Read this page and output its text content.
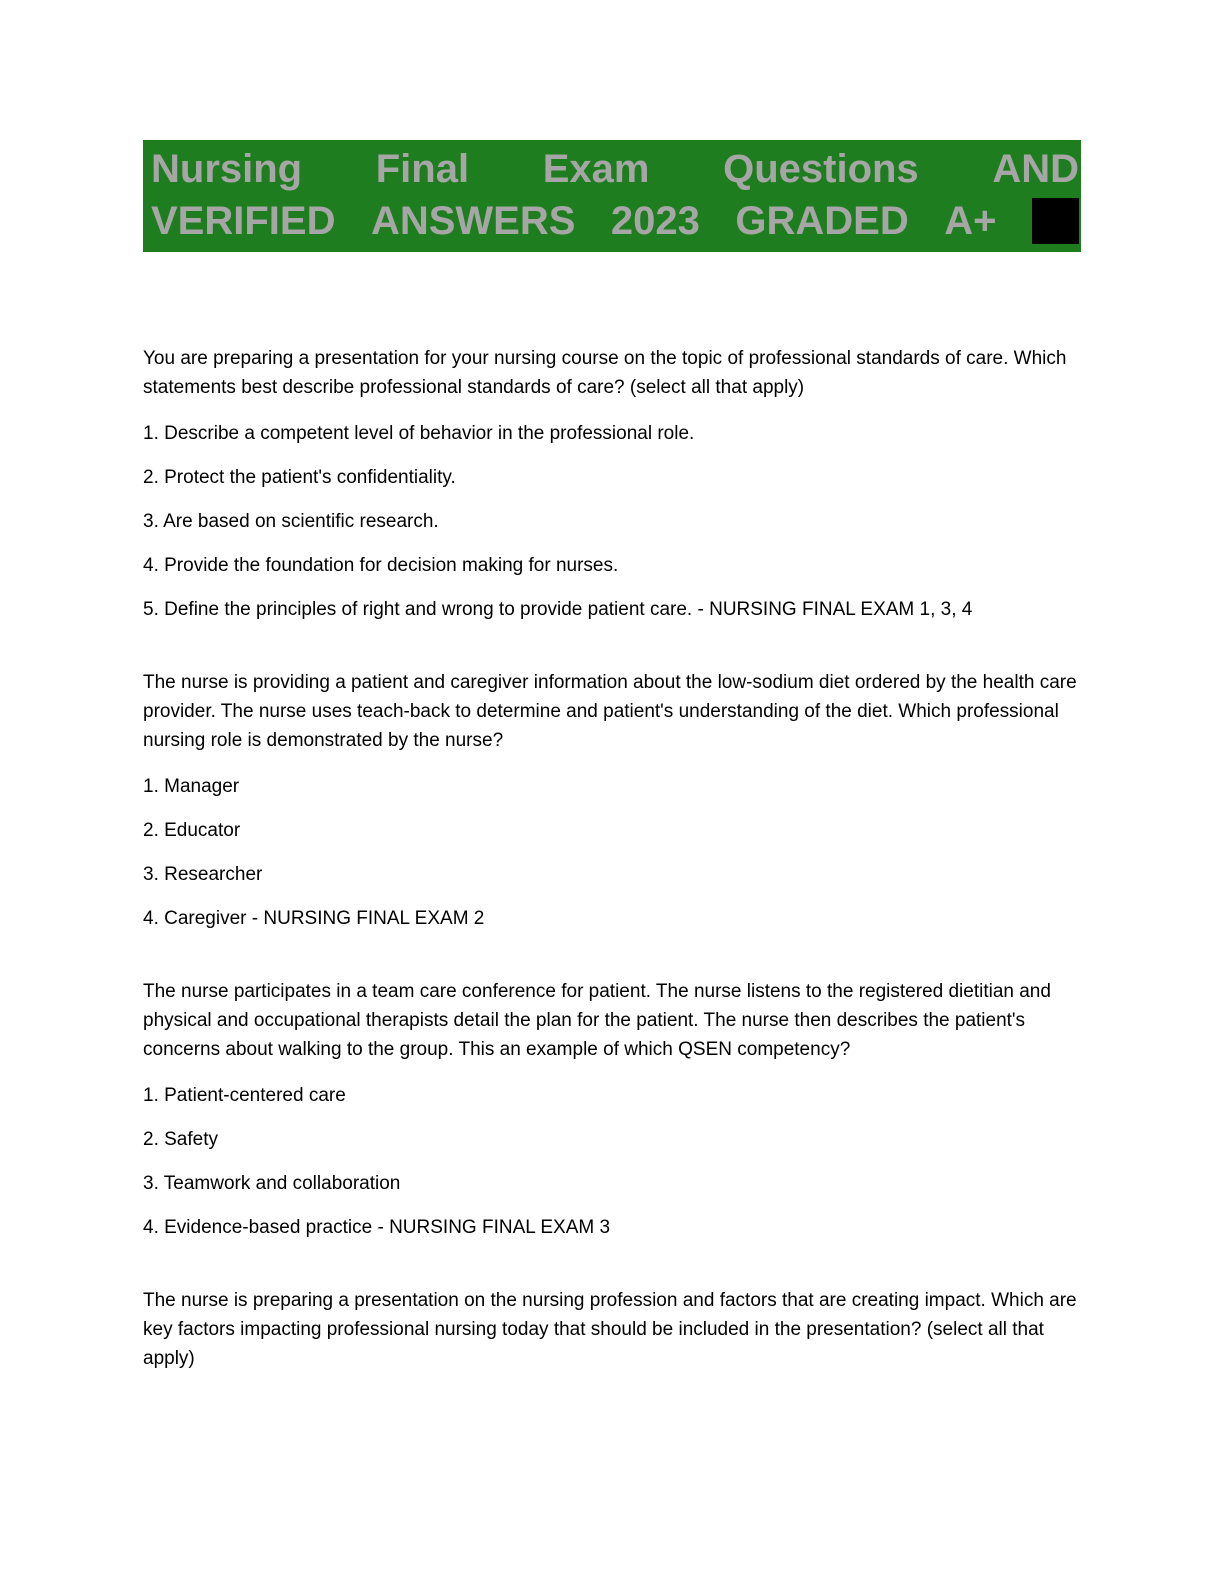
Nursing Final Exam Questions AND
VERIFIED ANSWERS 2023 GRADED A+

You are preparing a presentation for your nursing course on the topic of professional standards of care. Which statements best describe professional standards of care? (select all that apply)

1. Describe a competent level of behavior in the professional role.

2. Protect the patient's confidentiality.

3. Are based on scientific research.

4. Provide the foundation for decision making for nurses.

5. Define the principles of right and wrong to provide patient care. - NURSING FINAL EXAM 1, 3, 4

The nurse is providing a patient and caregiver information about the low-sodium diet ordered by the health care provider. The nurse uses teach-back to determine and patient's understanding of the diet. Which professional nursing role is demonstrated by the nurse?

1. Manager

2. Educator

3. Researcher

4. Caregiver - NURSING FINAL EXAM 2

The nurse participates in a team care conference for patient. The nurse listens to the registered dietitian and physical and occupational therapists detail the plan for the patient. The nurse then describes the patient's concerns about walking to the group. This an example of which QSEN competency?

1. Patient-centered care

2. Safety

3. Teamwork and collaboration

4. Evidence-based practice - NURSING FINAL EXAM 3

The nurse is preparing a presentation on the nursing profession and factors that are creating impact. Which are key factors impacting professional nursing today that should be included in the presentation? (select all that apply)
